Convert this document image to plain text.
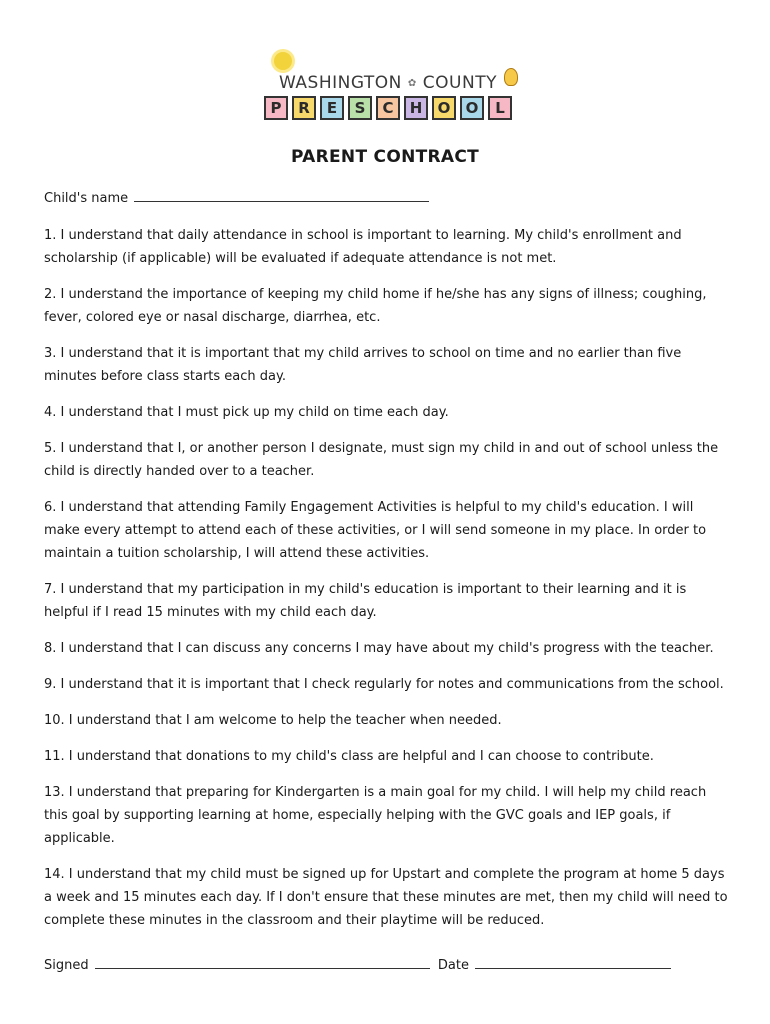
WASHINGTON ✿ COUNTY
P	R	E	S	C	H	O	O	L
PARENT CONTRACT
Child's name
1. I understand that daily attendance in school is important to learning. My child's enrollment and scholarship (if applicable) will be evaluated if adequate attendance is not met.
2. I understand the importance of keeping my child home if he/she has any signs of illness; coughing, fever, colored eye or nasal discharge, diarrhea, etc.
3. I understand that it is important that my child arrives to school on time and no earlier than five minutes before class starts each day.
4. I understand that I must pick up my child on time each day.
5. I understand that I, or another person I designate, must sign my child in and out of school unless the child is directly handed over to a teacher.
6. I understand that attending Family Engagement Activities is helpful to my child's education. I will make every attempt to attend each of these activities, or I will send someone in my place. In order to maintain a tuition scholarship, I will attend these activities.
7. I understand that my participation in my child's education is important to their learning and it is helpful if I read 15 minutes with my child each day.
8. I understand that I can discuss any concerns I may have about my child's progress with the teacher.
9. I understand that it is important that I check regularly for notes and communications from the school.
10. I understand that I am welcome to help the teacher when needed.
11. I understand that donations to my child's class are helpful and I can choose to contribute.
13. I understand that preparing for Kindergarten is a main goal for my child. I will help my child reach this goal by supporting learning at home, especially helping with the GVC goals and IEP goals, if applicable.
14. I understand that my child must be signed up for Upstart and complete the program at home 5 days a week and 15 minutes each day. If I don't ensure that these minutes are met, then my child will need to complete these minutes in the classroom and their playtime will be reduced.
Signed	Date
